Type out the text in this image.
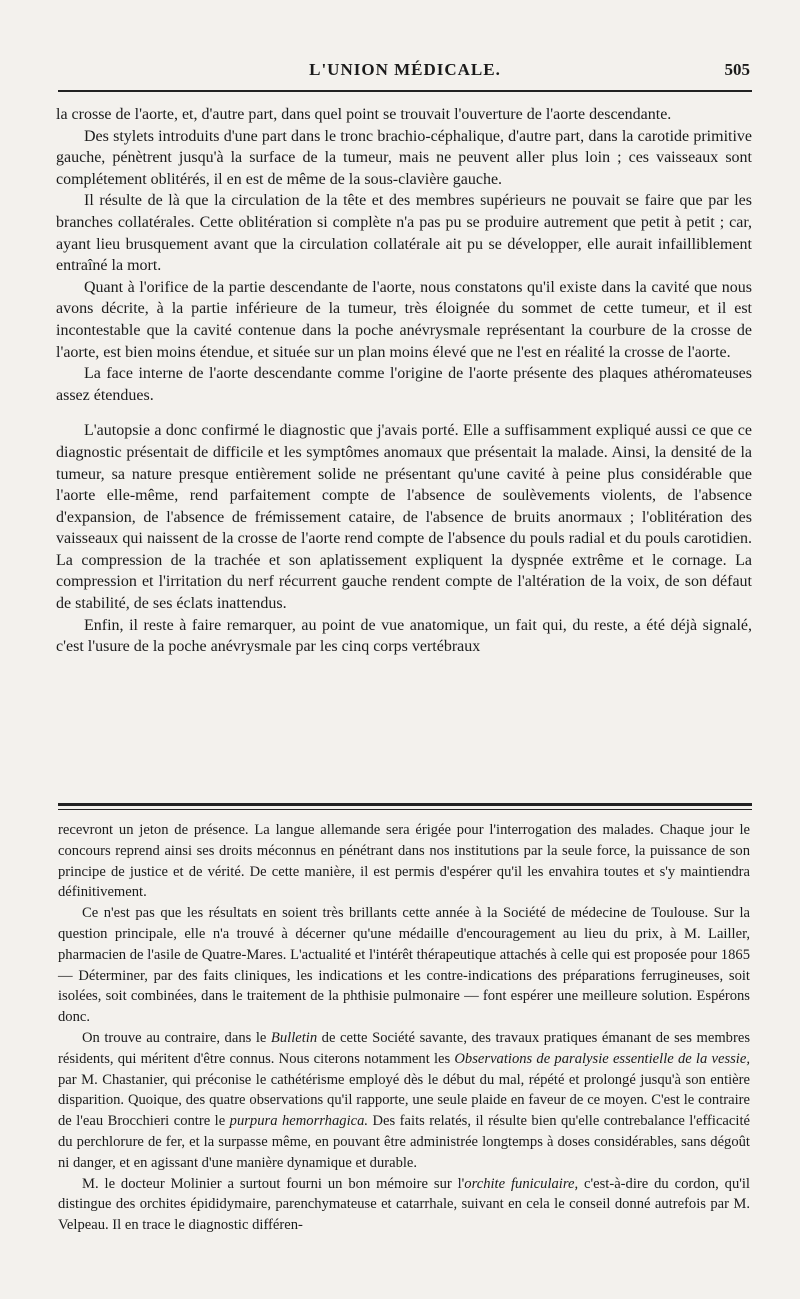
L'UNION MÉDICALE.	505

la crosse de l'aorte, et, d'autre part, dans quel point se trouvait l'ouverture de l'aorte descendante.

Des stylets introduits d'une part dans le tronc brachio-céphalique, d'autre part, dans la carotide primitive gauche, pénètrent jusqu'à la surface de la tumeur, mais ne peuvent aller plus loin ; ces vaisseaux sont complétement oblitérés, il en est de même de la sous-clavière gauche.

Il résulte de là que la circulation de la tête et des membres supérieurs ne pouvait se faire que par les branches collatérales. Cette oblitération si complète n'a pas pu se produire autrement que petit à petit ; car, ayant lieu brusquement avant que la circulation collatérale ait pu se développer, elle aurait infailliblement entraîné la mort.

Quant à l'orifice de la partie descendante de l'aorte, nous constatons qu'il existe dans la cavité que nous avons décrite, à la partie inférieure de la tumeur, très éloignée du sommet de cette tumeur, et il est incontestable que la cavité contenue dans la poche anévrysmale représentant la courbure de la crosse de l'aorte, est bien moins étendue, et située sur un plan moins élevé que ne l'est en réalité la crosse de l'aorte.

La face interne de l'aorte descendante comme l'origine de l'aorte présente des plaques athéromateuses assez étendues.

L'autopsie a donc confirmé le diagnostic que j'avais porté. Elle a suffisamment expliqué aussi ce que ce diagnostic présentait de difficile et les symptômes anomaux que présentait la malade. Ainsi, la densité de la tumeur, sa nature presque entièrement solide ne présentant qu'une cavité à peine plus considérable que l'aorte elle-même, rend parfaitement compte de l'absence de soulèvements violents, de l'absence d'expansion, de l'absence de frémissement cataire, de l'absence de bruits anormaux ; l'oblitération des vaisseaux qui naissent de la crosse de l'aorte rend compte de l'absence du pouls radial et du pouls carotidien. La compression de la trachée et son aplatissement expliquent la dyspnée extrême et le cornage. La compression et l'irritation du nerf récurrent gauche rendent compte de l'altération de la voix, de son défaut de stabilité, de ses éclats inattendus.

Enfin, il reste à faire remarquer, au point de vue anatomique, un fait qui, du reste, a été déjà signalé, c'est l'usure de la poche anévrysmale par les cinq corps vertébraux

recevront un jeton de présence. La langue allemande sera érigée pour l'interrogation des malades. Chaque jour le concours reprend ainsi ses droits méconnus en pénétrant dans nos institutions par la seule force, la puissance de son principe de justice et de vérité. De cette manière, il est permis d'espérer qu'il les envahira toutes et s'y maintiendra définitivement.

Ce n'est pas que les résultats en soient très brillants cette année à la Société de médecine de Toulouse. Sur la question principale, elle n'a trouvé à décerner qu'une médaille d'encouragement au lieu du prix, à M. Lailler, pharmacien de l'asile de Quatre-Mares. L'actualité et l'intérêt thérapeutique attachés à celle qui est proposée pour 1865 — Déterminer, par des faits cliniques, les indications et les contre-indications des préparations ferrugineuses, soit isolées, soit combinées, dans le traitement de la phthisie pulmonaire — font espérer une meilleure solution. Espérons donc.

On trouve au contraire, dans le Bulletin de cette Société savante, des travaux pratiques émanant de ses membres résidents, qui méritent d'être connus. Nous citerons notamment les Observations de paralysie essentielle de la vessie, par M. Chastanier, qui préconise le cathétérisme employé dès le début du mal, répété et prolongé jusqu'à son entière disparition. Quoique, des quatre observations qu'il rapporte, une seule plaide en faveur de ce moyen. C'est le contraire de l'eau Brocchieri contre le purpura hemorrhagica. Des faits relatés, il résulte bien qu'elle contrebalance l'efficacité du perchlorure de fer, et la surpasse même, en pouvant être administrée longtemps à doses considérables, sans dégoût ni danger, et en agissant d'une manière dynamique et durable.

M. le docteur Molinier a surtout fourni un bon mémoire sur l'orchite funiculaire, c'est-à-dire du cordon, qu'il distingue des orchites épididymaire, parenchymateuse et catarrhale, suivant en cela le conseil donné autrefois par M. Velpeau. Il en trace le diagnostic différen-
